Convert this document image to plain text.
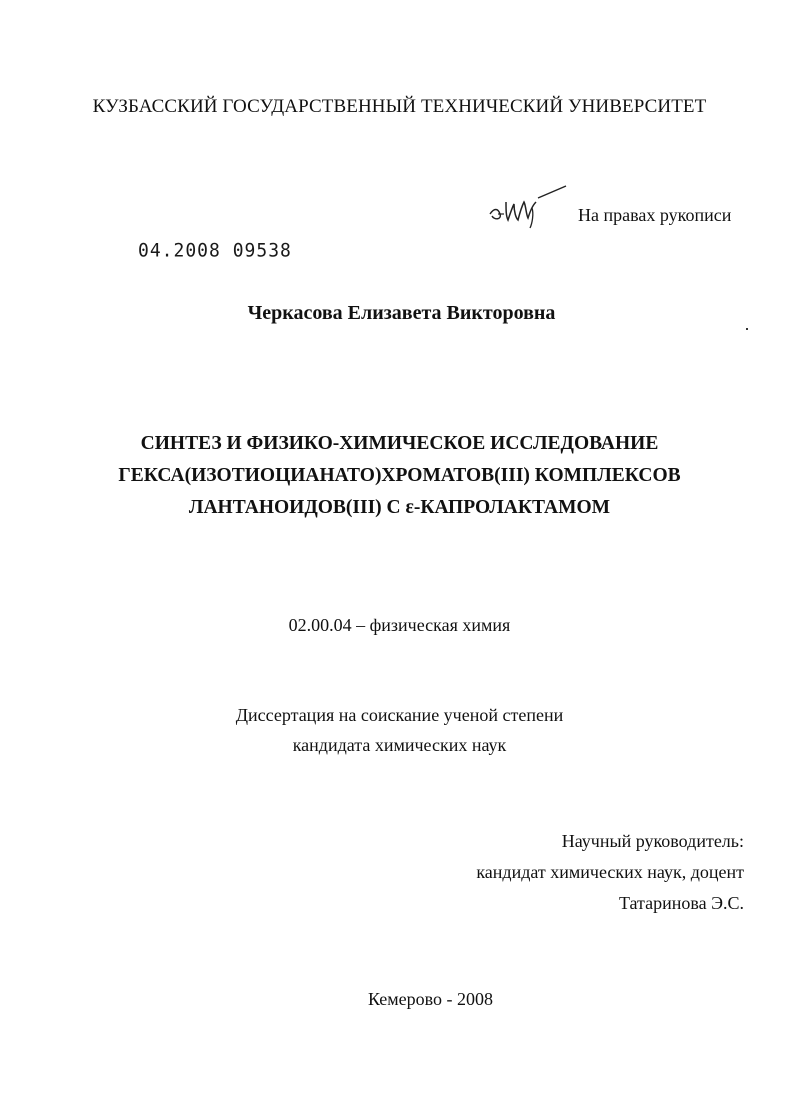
КУЗБАССКИЙ ГОСУДАРСТВЕННЫЙ ТЕХНИЧЕСКИЙ УНИВЕРСИТЕТ
На правах рукописи
04.2008 09538
Черкасова Елизавета Викторовна
СИНТЕЗ И ФИЗИКО-ХИМИЧЕСКОЕ ИССЛЕДОВАНИЕ
ГЕКСА(ИЗОТИОЦИАНАТО)ХРОМАТОВ(III) КОМПЛЕКСОВ
ЛАНТАНОИДОВ(III) С ε-КАПРОЛАКТАМОМ
02.00.04 – физическая химия
Диссертация на соискание ученой степени
кандидата химических наук
Научный руководитель:
кандидат химических наук, доцент
Татаринова Э.С.
Кемерово - 2008
